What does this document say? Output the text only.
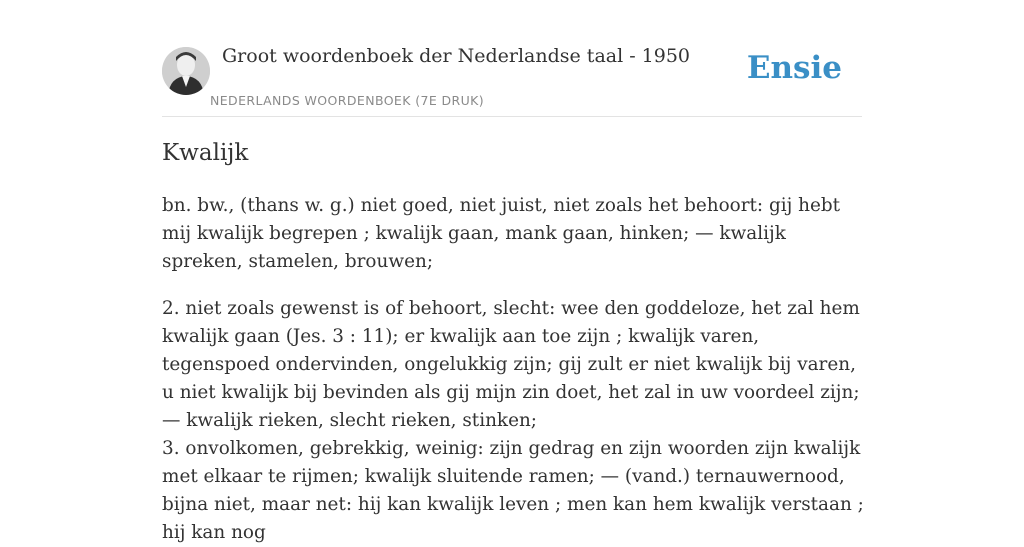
Groot woordenboek der Nederlandse taal - 1950
NEDERLANDS WOORDENBOEK (7E DRUK)
Ensie
Kwalijk

bn. bw., (thans w. g.) niet goed, niet juist, niet zoals het behoort: gij hebt mij kwalijk begrepen ; kwalijk gaan, mank gaan, hinken; — kwalijk spreken, stamelen, brouwen;

2. niet zoals gewenst is of behoort, slecht: wee den goddeloze, het zal hem kwalijk gaan (Jes. 3 : 11); er kwalijk aan toe zijn ; kwalijk varen, tegenspoed ondervinden, ongelukkig zijn; gij zult er niet kwalijk bij varen, u niet kwalijk bij bevinden als gij mijn zin doet, het zal in uw voordeel zijn; — kwalijk rieken, slecht rieken, stinken;
3. onvolkomen, gebrekkig, weinig: zijn gedrag en zijn woorden zijn kwalijk met elkaar te rijmen; kwalijk sluitende ramen; — (vand.) ternauwernood, bijna niet, maar net: hij kan kwalijk leven ; men kan hem kwalijk verstaan ; hij kan nog
